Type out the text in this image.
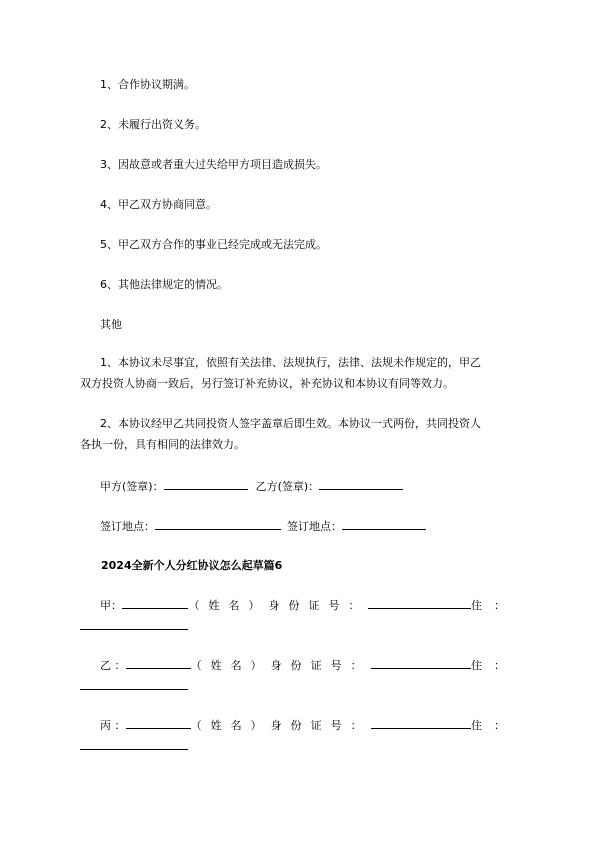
1、合作协议期满。
2、未履行出资义务。
3、因故意或者重大过失给甲方项目造成损失。
4、甲乙双方协商同意。
5、甲乙双方合作的事业已经完成或无法完成。
6、其他法律规定的情况。
其他
1、本协议未尽事宜，依照有关法律、法规执行，法律、法规未作规定的，甲乙
双方投资人协商一致后，另行签订补充协议，补充协议和本协议有同等效力。
2、本协议经甲乙共同投资人签字盖章后即生效。本协议一式两份，共同投资人
各执一份，具有相同的法律效力。
甲方(签章)：	乙方(签章)：
签订地点：	签订地点：
2024全新个人分红协议怎么起草篇6
甲 ：	（姓名） 身份证号：	住：
乙 ：	（姓名） 身份证号：	住：
丙 ：	（姓名） 身份证号：	住：
